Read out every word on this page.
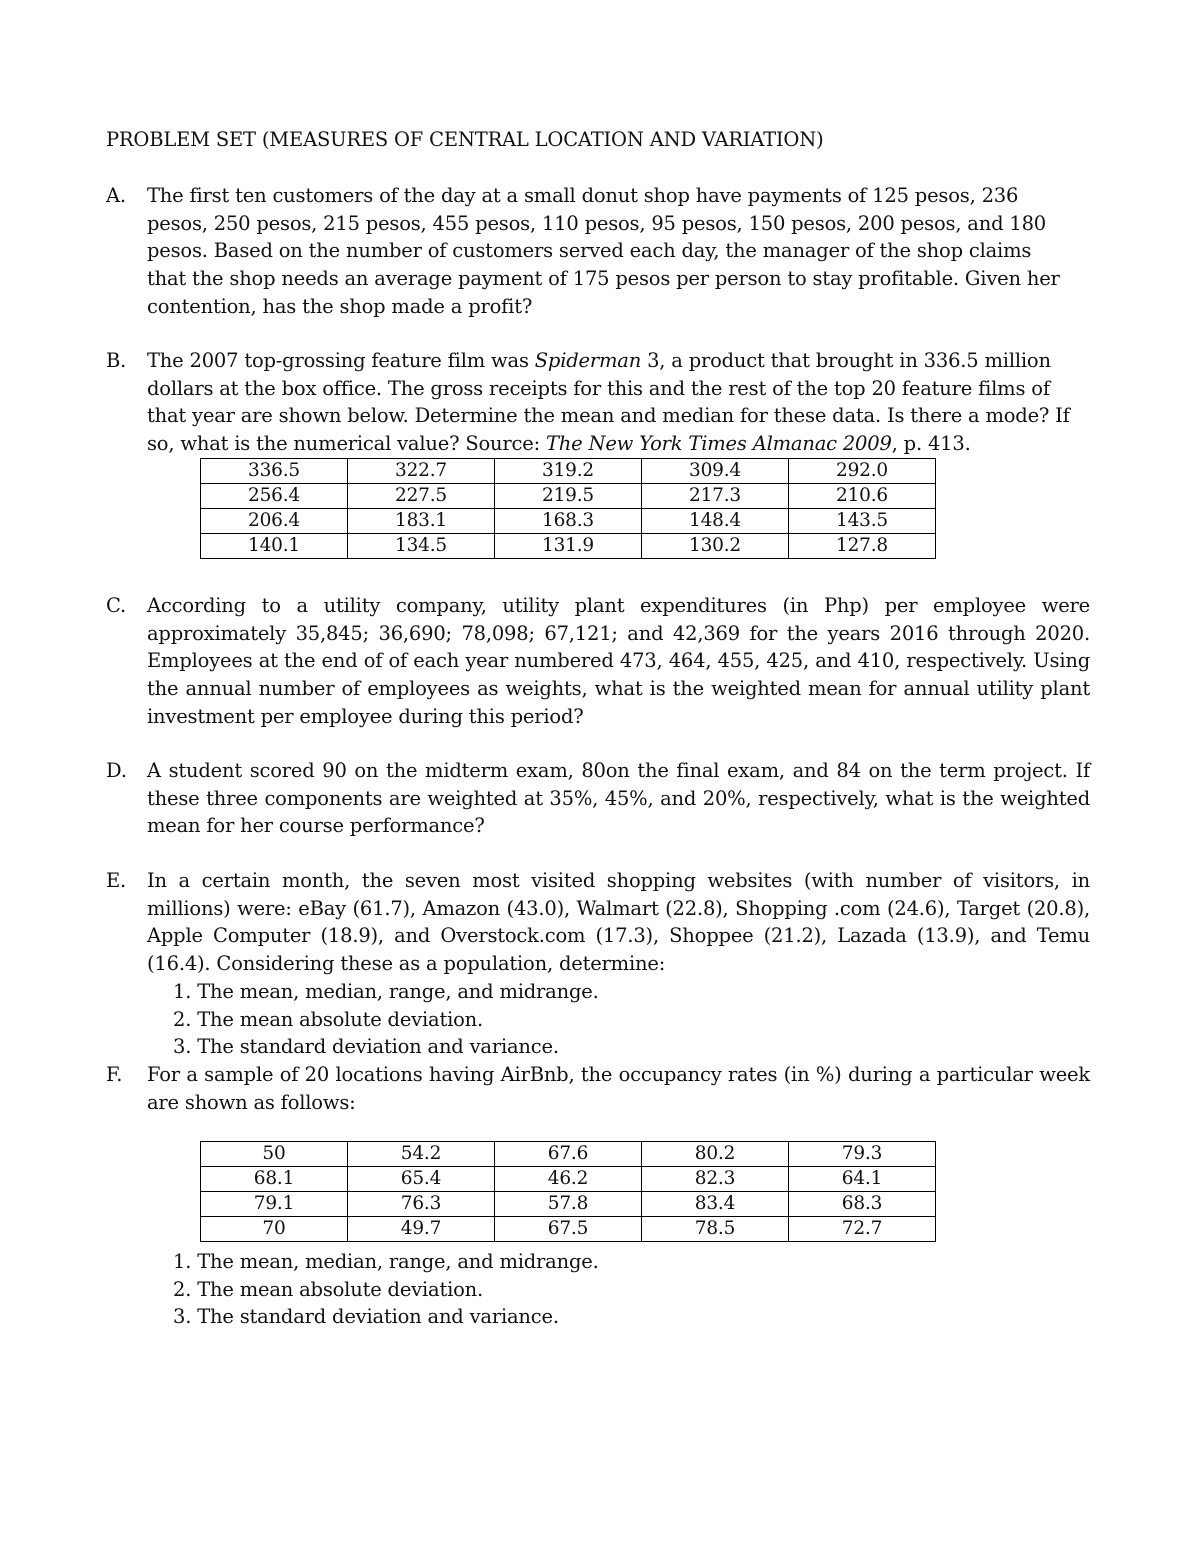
PROBLEM SET (MEASURES OF CENTRAL LOCATION AND VARIATION)
A. The first ten customers of the day at a small donut shop have payments of 125 pesos, 236
pesos, 250 pesos, 215 pesos, 455 pesos, 110 pesos, 95 pesos, 150 pesos, 200 pesos, and 180
pesos. Based on the number of customers served each day, the manager of the shop claims
that the shop needs an average payment of 175 pesos per person to stay profitable. Given her
contention, has the shop made a profit?
B. The 2007 top-grossing feature film was Spiderman 3, a product that brought in 336.5 million
dollars at the box office. The gross receipts for this and the rest of the top 20 feature films of
that year are shown below. Determine the mean and median for these data. Is there a mode? If
so, what is the numerical value? Source: The New York Times Almanac 2009, p. 413.
336.5	322.7	319.2	309.4	292.0
256.4	227.5	219.5	217.3	210.6
206.4	183.1	168.3	148.4	143.5
140.1	134.5	131.9	130.2	127.8
C. According to a utility company, utility plant expenditures (in Php) per employee were approximately 35,845; 36,690; 78,098; 67,121; and 42,369 for the years 2016 through 2020. Employees at the end of of each year numbered 473, 464, 455, 425, and 410, respectively. Using the annual number of employees as weights, what is the weighted mean for annual utility plant investment per employee during this period?
D. A student scored 90 on the midterm exam, 80on the final exam, and 84 on the term project. If these three components are weighted at 35%, 45%, and 20%, respectively, what is the weighted mean for her course performance?
E. In a certain month, the seven most visited shopping websites (with number of visitors, in millions) were: eBay (61.7), Amazon (43.0), Walmart (22.8), Shopping .com (24.6), Target (20.8), Apple Computer (18.9), and Overstock.com (17.3), Shoppee (21.2), Lazada (13.9), and Temu (16.4). Considering these as a population, determine:
1. The mean, median, range, and midrange.
2. The mean absolute deviation.
3. The standard deviation and variance.
F. For a sample of 20 locations having AirBnb, the occupancy rates (in %) during a particular week are shown as follows:
50	54.2	67.6	80.2	79.3
68.1	65.4	46.2	82.3	64.1
79.1	76.3	57.8	83.4	68.3
70	49.7	67.5	78.5	72.7
1. The mean, median, range, and midrange.
2. The mean absolute deviation.
3. The standard deviation and variance.
